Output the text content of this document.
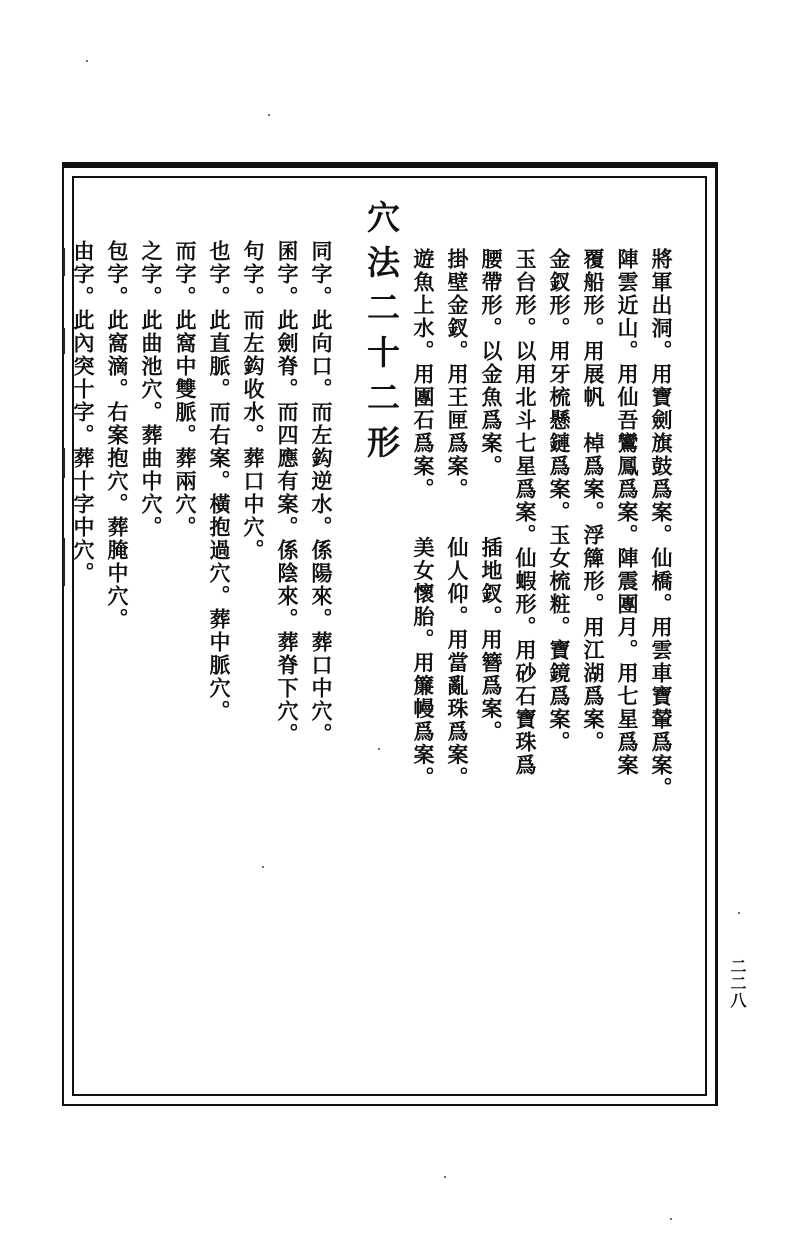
將軍出洞。用寶劍旗鼓爲案。仙橋。用雲車寶輦爲案。
陣雲近山。用仙吾鸞鳳爲案。陣震團月。用七星爲案
覆船形。用展帆　棹爲案。浮簰形。用江湖爲案。
金釵形。用牙梳懸鏈爲案。玉女梳粧。寶鏡爲案。
玉台形。以用北斗七星爲案。仙蝦形。用砂石寶珠爲
腰帶形。以金魚爲案。　　　插地釵。用簪爲案。
掛壁金釵。用王匣爲案。　　仙人仰。用當亂珠爲案。
遊魚上水。用團石爲案。　　美女懷胎。用簾幔爲案。
穴法二十二形
同字。此向口。而左鈎逆水。係陽來。葬口中穴。
囷字。此劍脊。而四應有案。係陰來。葬脊下穴。
句字。而左鈎收水。葬口中穴。
也字。此直脈。而右案。橫抱過穴。葬中脈穴。
而字。此窩中雙脈。葬兩穴。
之字。此曲池穴。葬曲中穴。
包字。此窩滴。右案抱穴。葬腌中穴。
由字。此內突十字。葬十字中穴。
二二八
